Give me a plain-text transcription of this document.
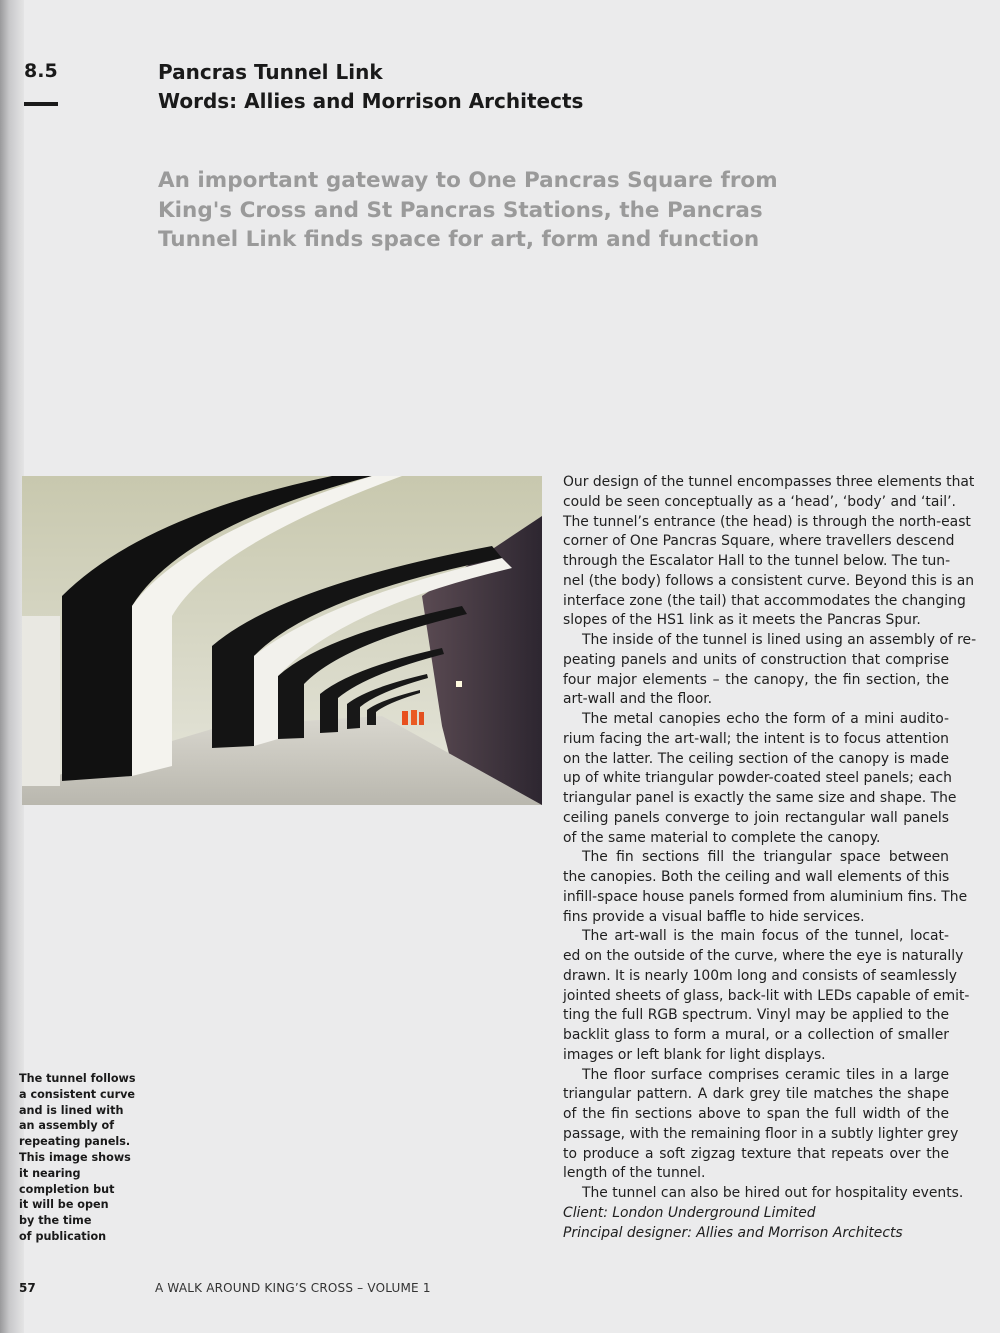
8.5	Pancras Tunnel Link
Words: Allies and Morrison Architects
An important gateway to One Pancras Square from
King's Cross and St Pancras Stations, the Pancras
Tunnel Link finds space for art, form and function
The tunnel follows
a consistent curve
and is lined with
an assembly of
repeating panels.
This image shows
it nearing
completion but
it will be open
by the time
of publication
Our design of the tunnel encompasses three elements that
could be seen conceptually as a ‘head’, ‘body’ and ‘tail’.
The tunnel’s entrance (the head) is through the north-east
corner of One Pancras Square, where travellers descend
through the Escalator Hall to the tunnel below. The tun-
nel (the body) follows a consistent curve. Beyond this is an
interface zone (the tail) that accommodates the changing
slopes of the HS1 link as it meets the Pancras Spur.
The inside of the tunnel is lined using an assembly of re-
peating panels and units of construction that comprise
four major elements – the canopy, the fin section, the
art-wall and the floor.
The metal canopies echo the form of a mini audito-
rium facing the art-wall; the intent is to focus attention
on the latter. The ceiling section of the canopy is made
up of white triangular powder-coated steel panels; each
triangular panel is exactly the same size and shape. The
ceiling panels converge to join rectangular wall panels
of the same material to complete the canopy.
The fin sections fill the triangular space between
the canopies. Both the ceiling and wall elements of this
infill-space house panels formed from aluminium fins. The
fins provide a visual baffle to hide services.
The art-wall is the main focus of the tunnel, locat-
ed on the outside of the curve, where the eye is naturally
drawn. It is nearly 100m long and consists of seamlessly
jointed sheets of glass, back-lit with LEDs capable of emit-
ting the full RGB spectrum. Vinyl may be applied to the
backlit glass to form a mural, or a collection of smaller
images or left blank for light displays.
The floor surface comprises ceramic tiles in a large
triangular pattern. A dark grey tile matches the shape
of the fin sections above to span the full width of the
passage, with the remaining floor in a subtly lighter grey
to produce a soft zigzag texture that repeats over the
length of the tunnel.
The tunnel can also be hired out for hospitality events.
Client: London Underground Limited
Principal designer: Allies and Morrison Architects
57	A WALK AROUND KING’S CROSS – VOLUME 1
